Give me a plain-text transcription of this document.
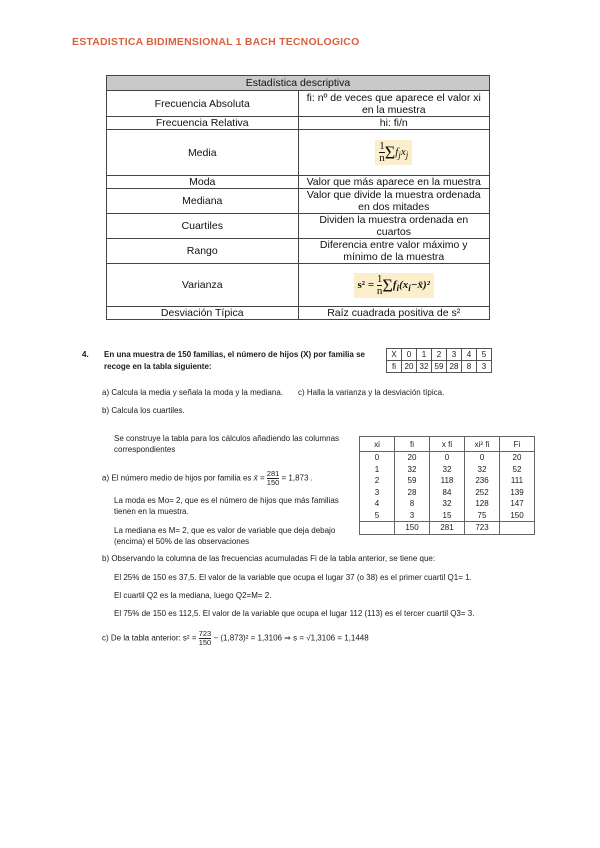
ESTADISTICA BIDIMENSIONAL 1 BACH TECNOLOGICO
Estadística descriptiva	
Frecuencia Absoluta	fi: nº de veces que aparece el valor xi en la muestra
Frecuencia Relativa	hi: fi/n
Media	$\frac{1}{n} \Sigma f_jx_j$
Moda	Valor que más aparece en la muestra
Mediana	Valor que divide la muestra ordenada en dos mitades
Cuartiles	Dividen la muestra ordenada en cuartos
Rango	Diferencia entre valor máximo y mínimo de la muestra
Varianza	$s^2 = \frac{1}{n}$ $\Sigma f_i(x_i-x̄)^2$
Desviación Típica	Raíz cuadrada positiva de s²
4. En una muestra de 150 familias, el número de hijos (X) por familia se
recoge en la tabla siguiente:
X	0	1	2	3	4	5
fi	20	32	59	28	8	3
a) Calcula la media y señala la moda y la mediana. c) Halla la varianza y la desviación típica.
b) Calcula los cuartiles.
Se construye la tabla para los cálculos añadiendo las columnas
correspondientes
a) El número medio de hijos por familia es x̄ = $\frac{281}{150} = 1,873$ .
La moda es Mo= 2, que es el número de hijos que más familias
tienen en la muestra.
La mediana es M= 2, que es valor de variable que deja debajo
(encima) el 50% de las observaciones
xi	fi	x fi	xi² fi	Fi
0	20	0	0	20
1	32	32	32	52
2	59	118	236	111
3	28	84	252	139
4	8	32	128	147
5	3	15	75	150
	150	281	723	
b) Observando la columna de las frecuencias acumuladas Fi de la tabla anterior, se tiene que:
El 25% de 150 es 37,5. El valor de la variable que ocupa el lugar 37 (o 38) es el primer cuartil Q1= 1.
El cuartil Q2 es la mediana, luego Q2=M= 2.
El 75% de 150 es 112,5. El valor de la variable que ocupa el lugar 112 (113) es el tercer cuartil Q3= 3.
c) De la tabla anterior: $s^2 = \frac{723}{150} - (1,873)^2 = 1,3106$ ⇒ s = √1,3106 = 1,1448
